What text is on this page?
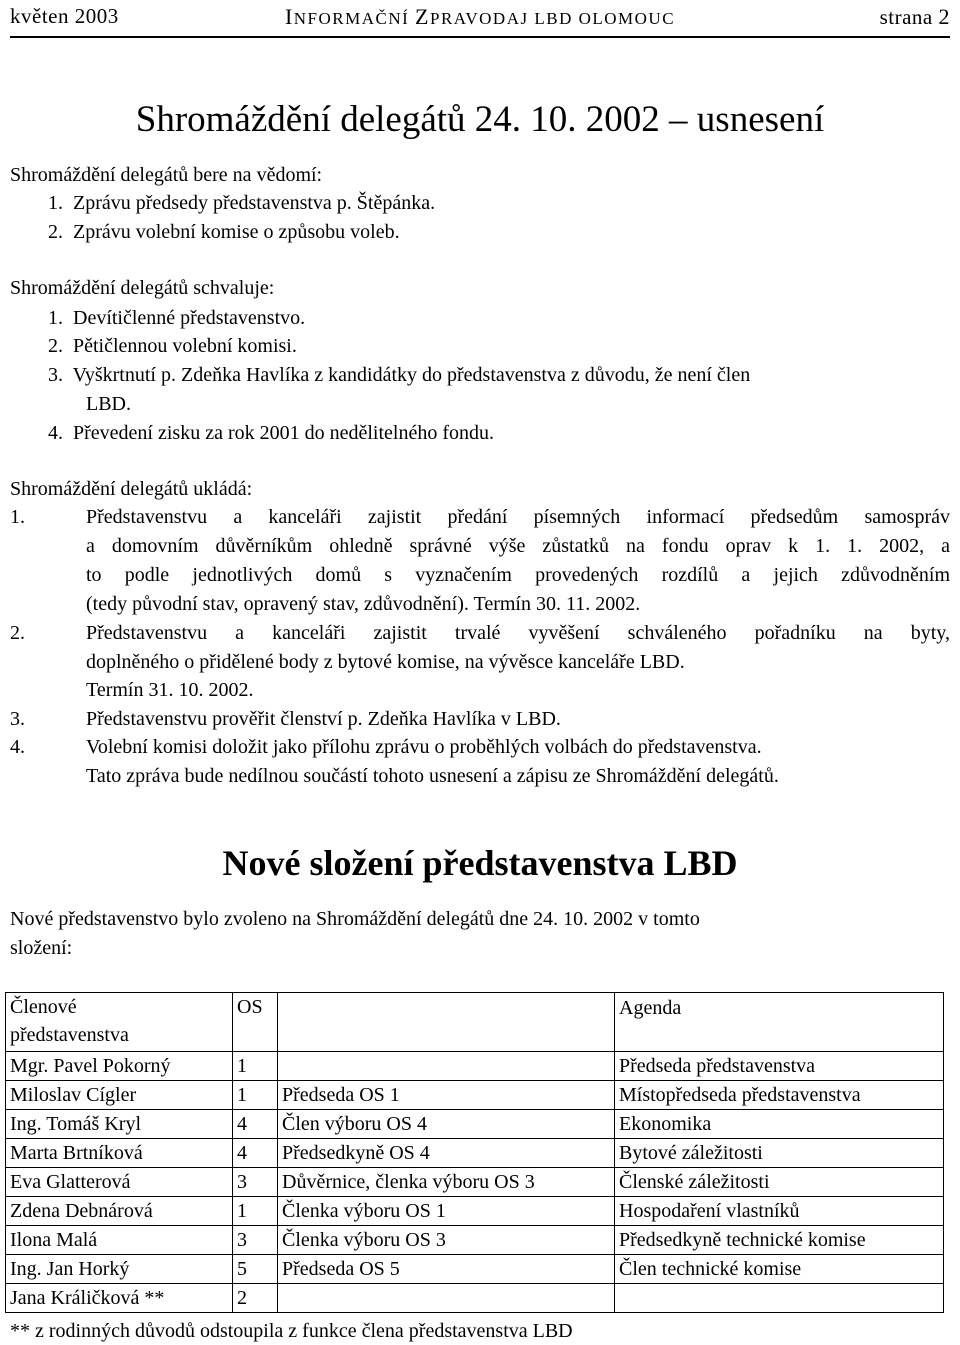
květen 2003	INFORMAČNÍ ZPRAVODAJ LBD OLOMOUC	strana 2
Shromáždění delegátů 24. 10. 2002 – usnesení
Shromáždění delegátů bere na vědomí:
1. Zprávu předsedy představenstva p. Štěpánka.
2. Zprávu volební komise o způsobu voleb.
Shromáždění delegátů schvaluje:
1. Devítičlenné představenstvo.
2. Pětičlennou volební komisi.
3. Vyškrtnutí p. Zdeňka Havlíka z kandidátky do představenstva z důvodu, že není člen
LBD.
4. Převedení zisku za rok 2001 do nedělitelného fondu.
Shromáždění delegátů ukládá:
1.	Představenstvu a kanceláři zajistit předání písemných informací předsedům samospráv
a domovním důvěrníkům ohledně správné výše zůstatků na fondu oprav k 1. 1. 2002, a
to podle jednotlivých domů s vyznačením provedených rozdílů a jejich zdůvodněním
(tedy původní stav, opravený stav, zdůvodnění). Termín 30. 11. 2002.
2.	Představenstvu a kanceláři zajistit trvalé vyvěšení schváleného pořadníku na byty,
doplněného o přidělené body z bytové komise, na vývěsce kanceláře LBD.
Termín 31. 10. 2002.
3.	Představenstvu prověřit členství p. Zdeňka Havlíka v LBD.
4.	Volební komisi doložit jako přílohu zprávu o proběhlých volbách do představenstva.
Tato zpráva bude nedílnou součástí tohoto usnesení a zápisu ze Shromáždění delegátů.
Nové složení představenstva LBD
Nové představenstvo bylo zvoleno na Shromáždění delegátů dne 24. 10. 2002 v tomto
složení:
Členové
představenstva	OS		Agenda
Mgr. Pavel Pokorný	1		Předseda představenstva
Miloslav Cígler	1	Předseda OS 1	Místopředseda představenstva
Ing. Tomáš Kryl	4	Člen výboru OS 4	Ekonomika
Marta Brtníková	4	Předsedkyně OS 4	Bytové záležitosti
Eva Glatterová	3	Důvěrnice, členka výboru OS 3	Členské záležitosti
Zdena Debnárová	1	Členka výboru OS 1	Hospodaření vlastníků
Ilona Malá	3	Členka výboru OS 3	Předsedkyně technické komise
Ing. Jan Horký	5	Předseda OS 5	Člen technické komise
Jana Králičková **	2		
** z rodinných důvodů odstoupila z funkce člena představenstva LBD
